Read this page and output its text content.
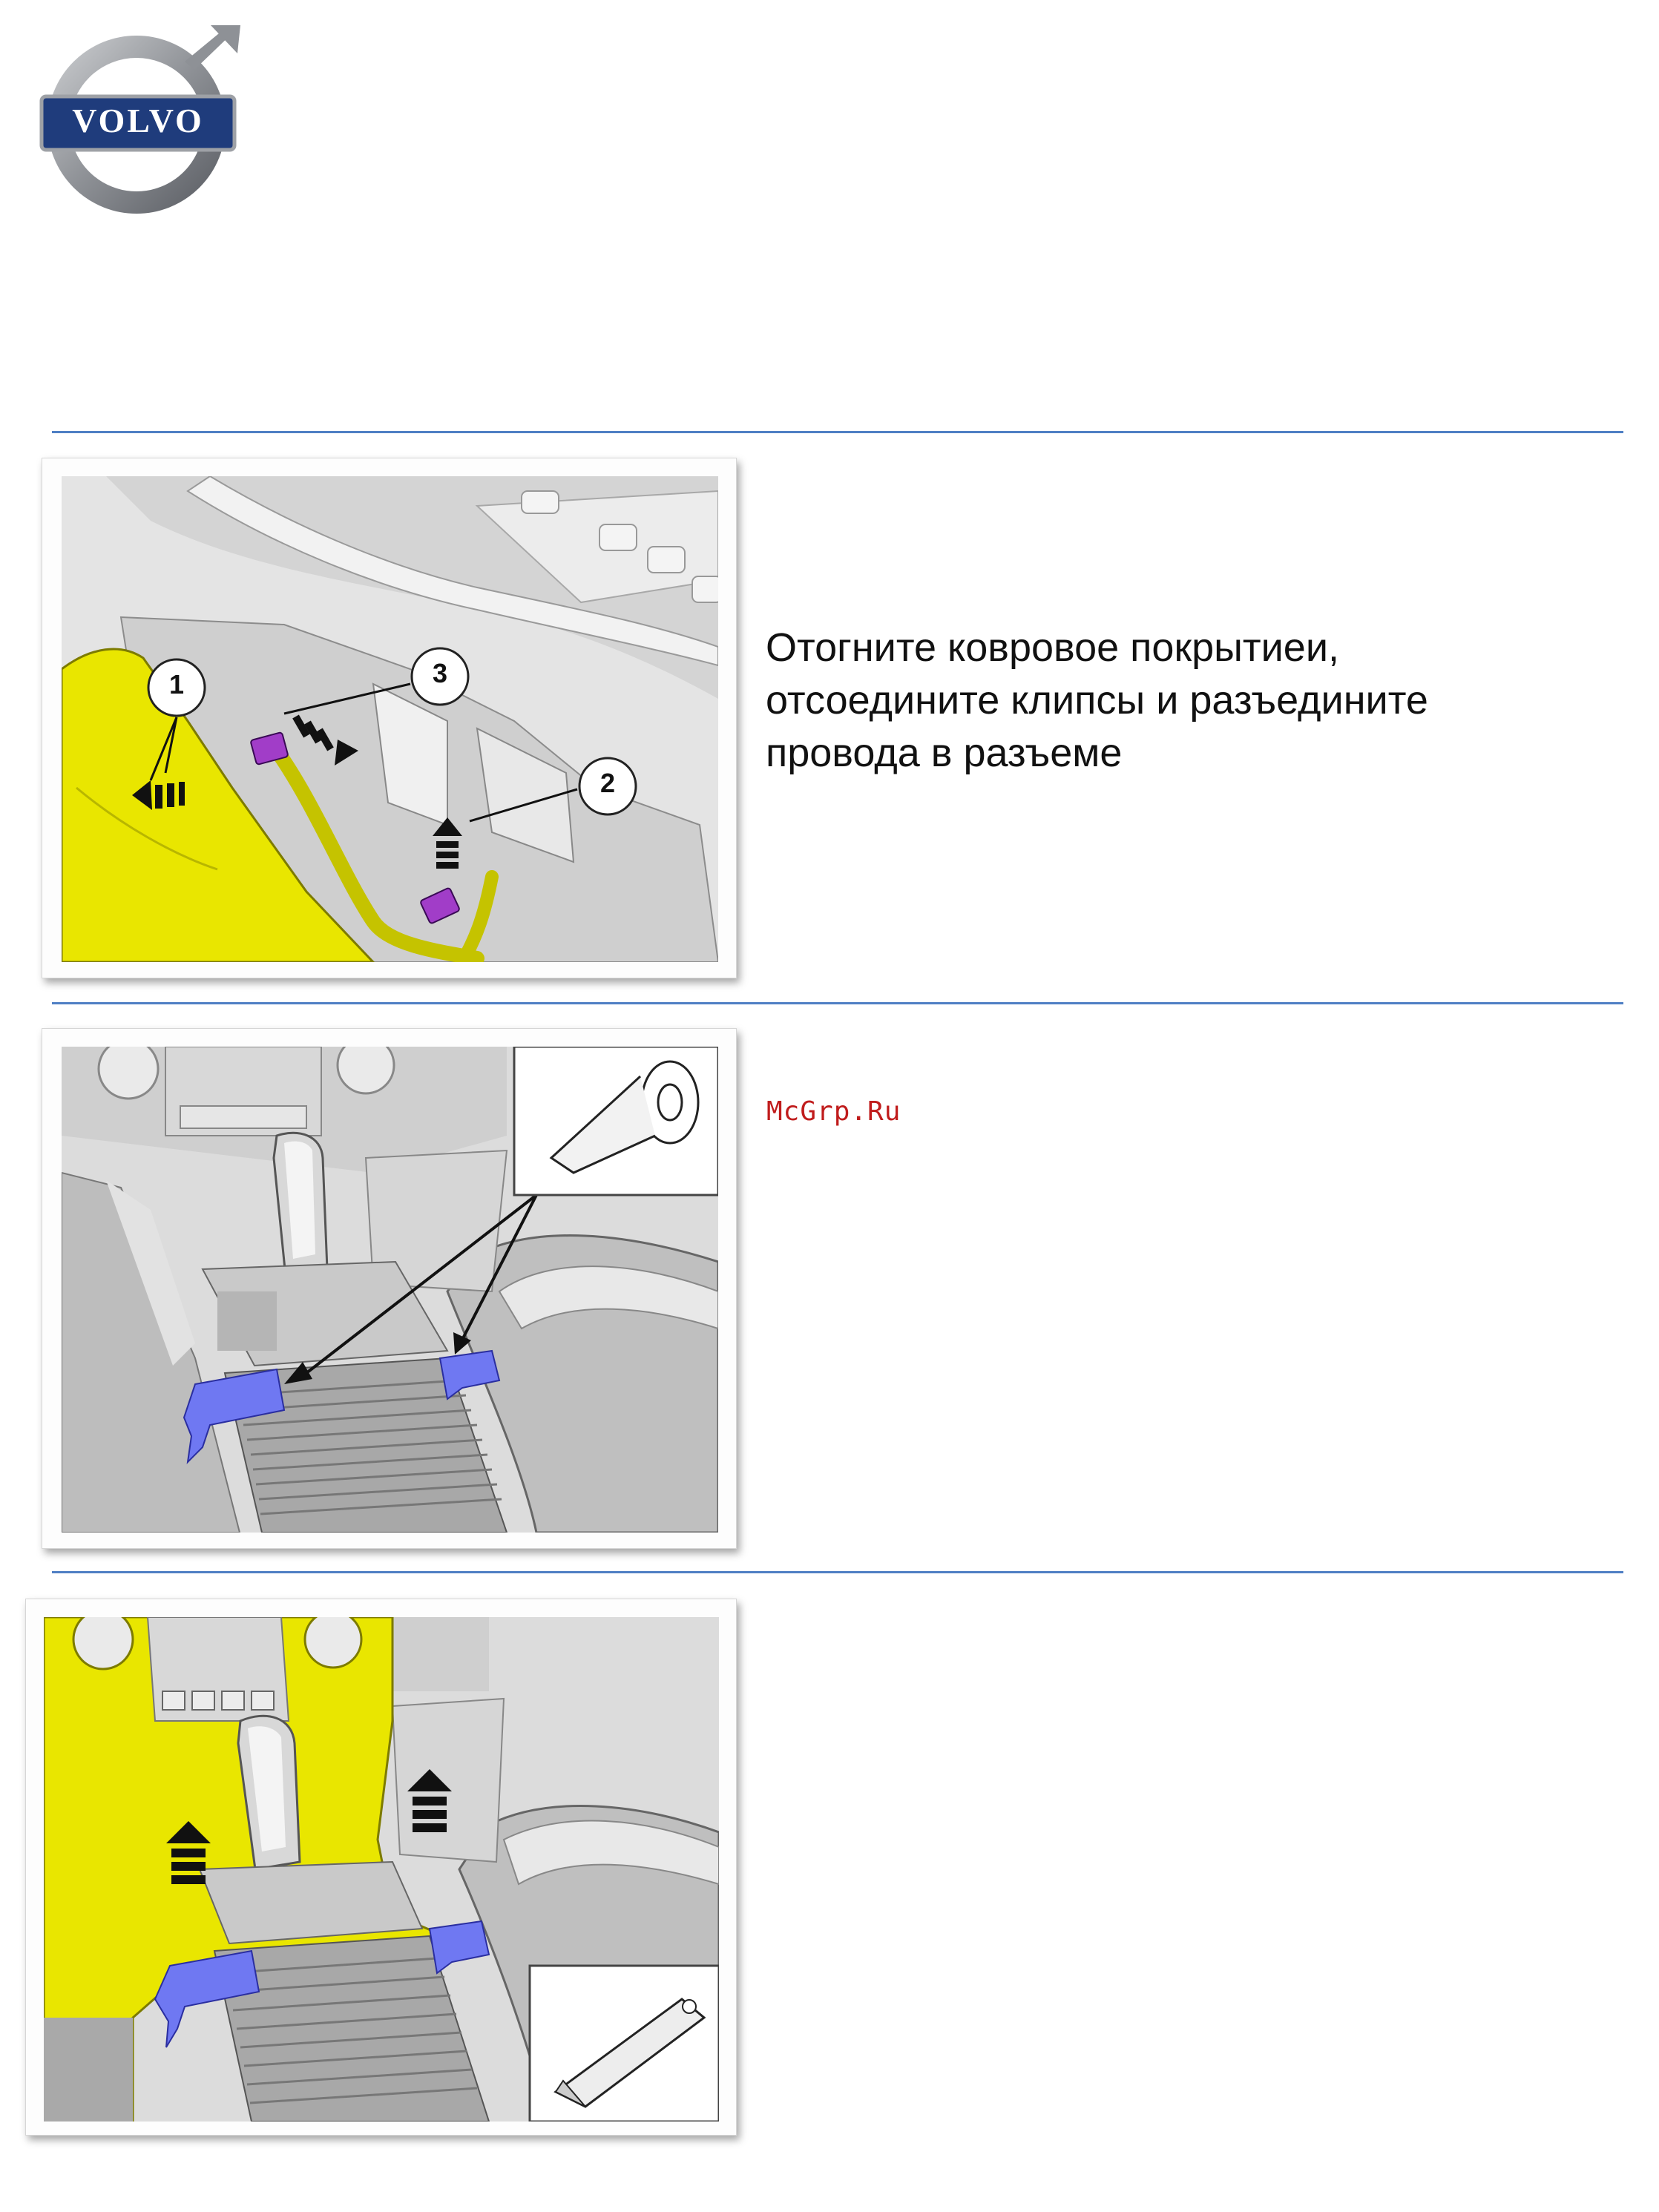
VOLVO
1	3
2
Отогните ковровое покрытиеи,
отсоедините клипсы и разъедините
провода в разъеме
McGrp.Ru
